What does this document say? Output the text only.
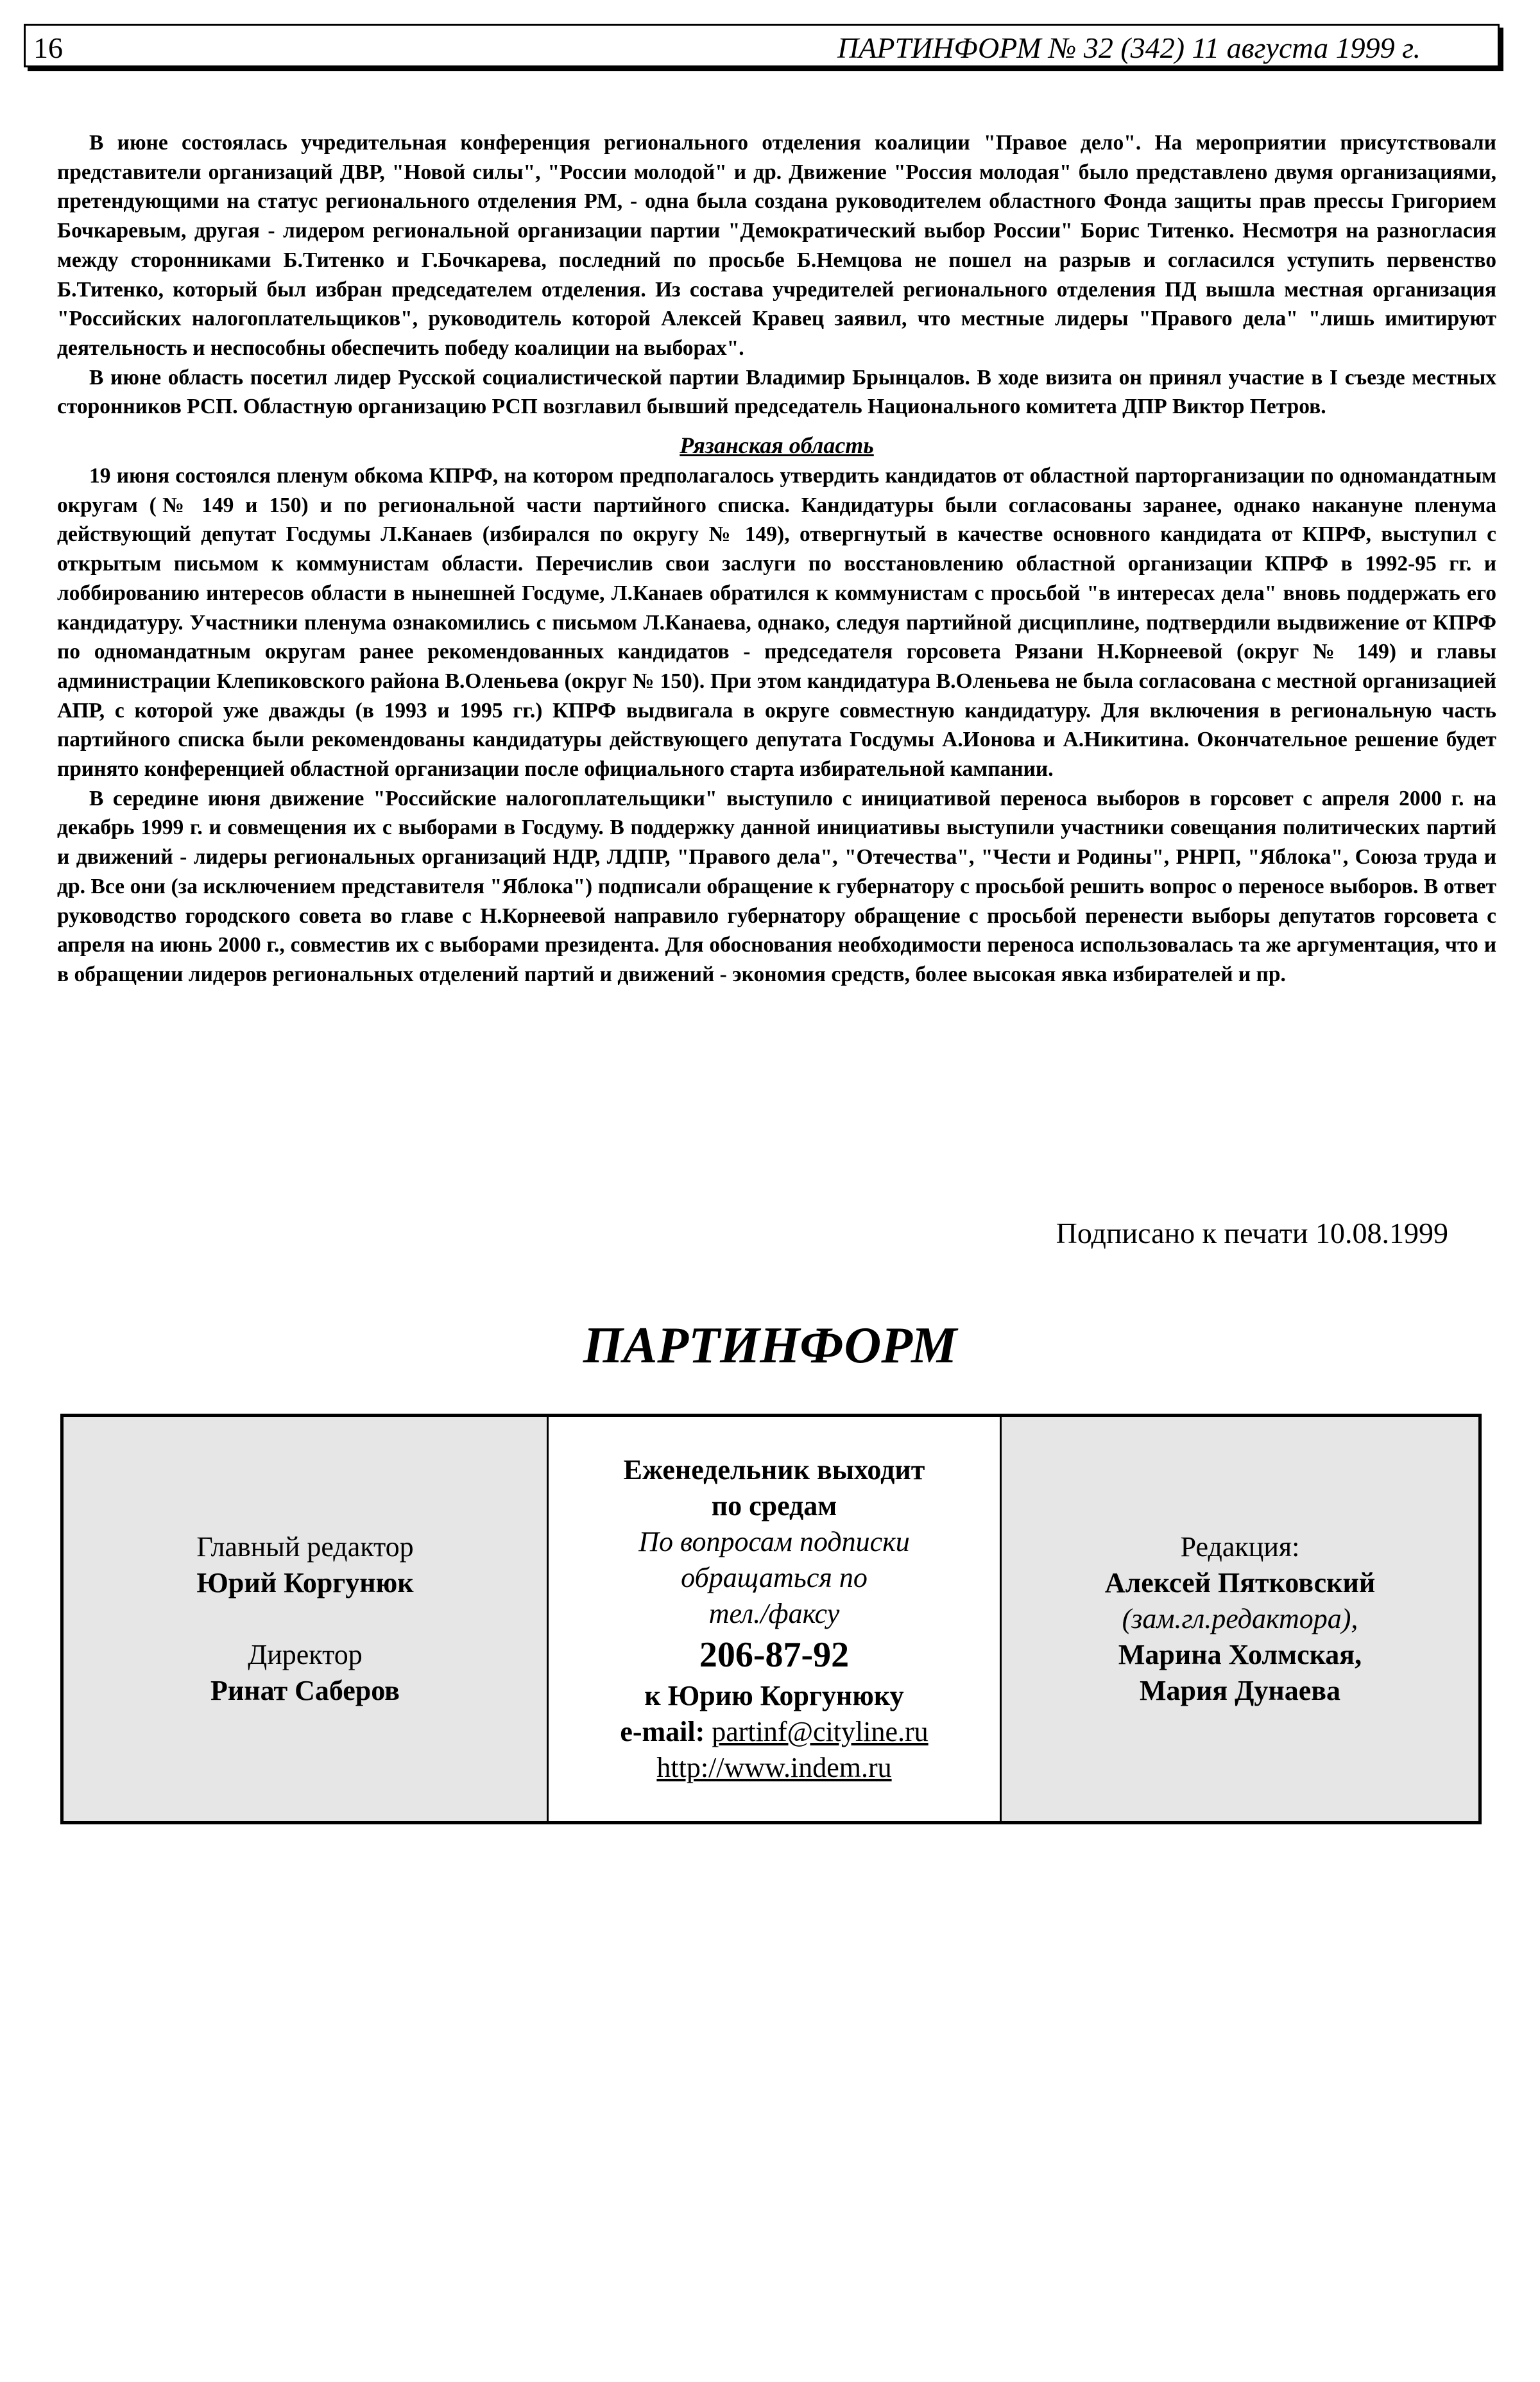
16	ПАРТИНФОРМ № 32 (342) 11 августа 1999 г.

В июне состоялась учредительная конференция регионального отделения коалиции "Правое дело". На мероприятии присутствовали представители организаций ДВР, "Новой силы", "России молодой" и др. Движение "Россия молодая" было представлено двумя организациями, претендующими на статус регионального отделения РМ, - одна была создана руководителем областного Фонда защиты прав прессы Григорием Бочкаревым, другая - лидером региональной организации партии "Демократический выбор России" Борис Титенко. Несмотря на разногласия между сторонниками Б.Титенко и Г.Бочкарева, последний по просьбе Б.Немцова не пошел на разрыв и согласился уступить первенство Б.Титенко, который был избран председателем отделения. Из состава учредителей регионального отделения ПД вышла местная организация "Российских налогоплательщиков", руководитель которой Алексей Кравец заявил, что местные лидеры "Правого дела" "лишь имитируют деятельность и неспособны обеспечить победу коалиции на выборах".

В июне область посетил лидер Русской социалистической партии Владимир Брынцалов. В ходе визита он принял участие в I съезде местных сторонников РСП. Областную организацию РСП возглавил бывший председатель Национального комитета ДПР Виктор Петров.

Рязанская область

19 июня состоялся пленум обкома КПРФ, на котором предполагалось утвердить кандидатов от областной парторганизации по одномандатным округам (№ 149 и 150) и по региональной части партийного списка. Кандидатуры были согласованы заранее, однако накануне пленума действующий депутат Госдумы Л.Канаев (избирался по округу № 149), отвергнутый в качестве основного кандидата от КПРФ, выступил с открытым письмом к коммунистам области. Перечислив свои заслуги по восстановлению областной организации КПРФ в 1992-95 гг. и лоббированию интересов области в нынешней Госдуме, Л.Канаев обратился к коммунистам с просьбой "в интересах дела" вновь поддержать его кандидатуру. Участники пленума ознакомились с письмом Л.Канаева, однако, следуя партийной дисциплине, подтвердили выдвижение от КПРФ по одномандатным округам ранее рекомендованных кандидатов - председателя горсовета Рязани Н.Корнеевой (округ № 149) и главы администрации Клепиковского района В.Оленьева (округ № 150). При этом кандидатура В.Оленьева не была согласована с местной организацией АПР, с которой уже дважды (в 1993 и 1995 гг.) КПРФ выдвигала в округе совместную кандидатуру. Для включения в региональную часть партийного списка были рекомендованы кандидатуры действующего депутата Госдумы А.Ионова и А.Никитина. Окончательное решение будет принято конференцией областной организации после официального старта избирательной кампании.

В середине июня движение "Российские налогоплательщики" выступило с инициативой переноса выборов в горсовет с апреля 2000 г. на декабрь 1999 г. и совмещения их с выборами в Госдуму. В поддержку данной инициативы выступили участники совещания политических партий и движений - лидеры региональных организаций НДР, ЛДПР, "Правого дела", "Отечества", "Чести и Родины", РНРП, "Яблока", Союза труда и др. Все они (за исключением представителя "Яблока") подписали обращение к губернатору с просьбой решить вопрос о переносе выборов. В ответ руководство городского совета во главе с Н.Корнеевой направило губернатору обращение с просьбой перенести выборы депутатов горсовета с апреля на июнь 2000 г., совместив их с выборами президента. Для обоснования необходимости переноса использовалась та же аргументация, что и в обращении лидеров региональных отделений партий и движений - экономия средств, более высокая явка избирателей и пр.

Подписано к печати 10.08.1999
ПАРТИНФОРМ
Главный редактор
Юрий Коргунюк
Директор
Ринат Саберов
Еженедельник выходит
по средам
По вопросам подписки
обращаться по
тел./факсу
206-87-92
к Юрию Коргунюку
e-mail: partinf@cityline.ru
http://www.indem.ru
Редакция:
Алексей Пятковский
(зам.гл.редактора),
Марина Холмская,
Мария Дунаева
